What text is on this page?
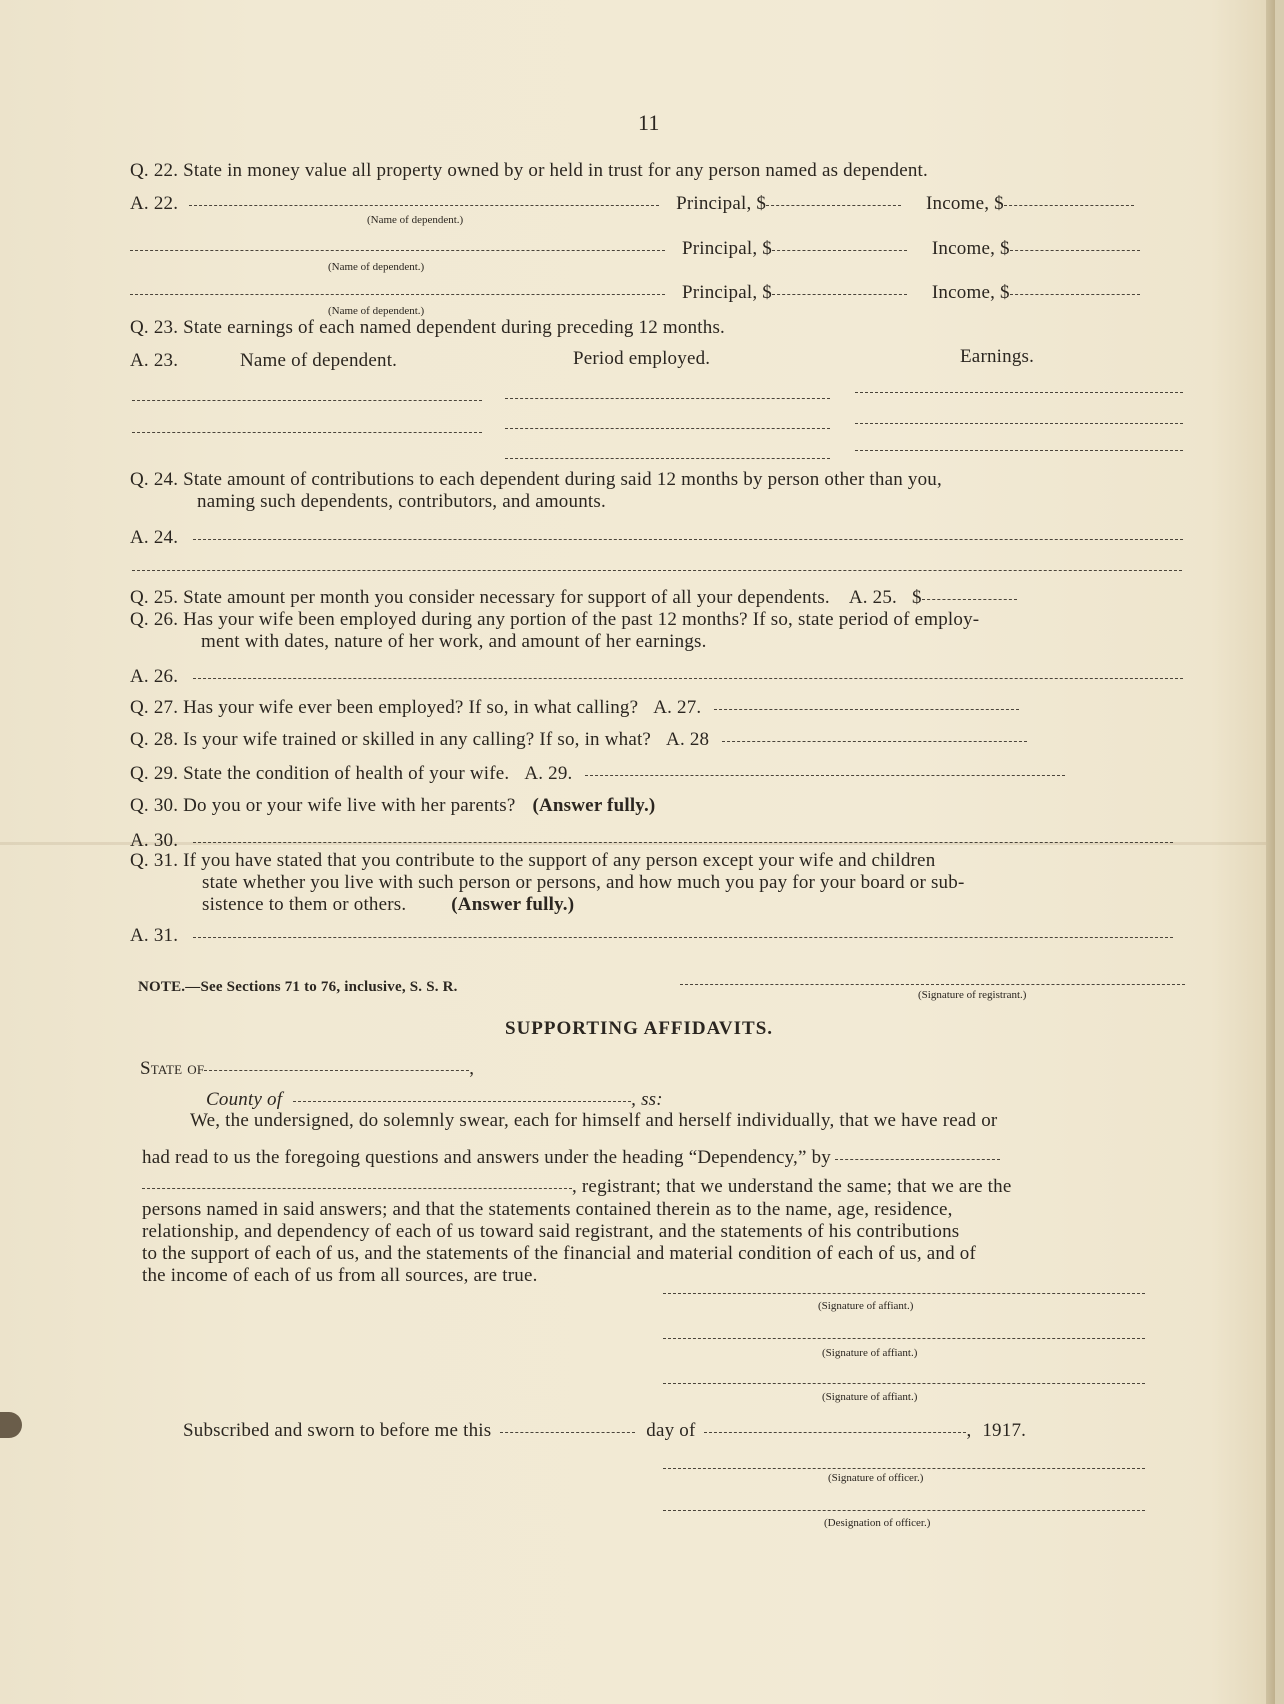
11
Q. 22. State in money value all property owned by or held in trust for any person named as dependent.
A. 22.	Principal, $	Income, $
(Name of dependent.)
Principal, $	Income, $
(Name of dependent.)
Principal, $	Income, $
(Name of dependent.)
Q. 23. State earnings of each named dependent during preceding 12 months.
A. 23.	Name of dependent.	Period employed.	Earnings.
Q. 24. State amount of contributions to each dependent during said 12 months by person other than you,
naming such dependents, contributors, and amounts.
A. 24.
Q. 25. State amount per month you consider necessary for support of all your dependents. A. 25. $
Q. 26. Has your wife been employed during any portion of the past 12 months? If so, state period of employ-
ment with dates, nature of her work, and amount of her earnings.
A. 26.
Q. 27. Has your wife ever been employed? If so, in what calling? A. 27.
Q. 28. Is your wife trained or skilled in any calling? If so, in what? A. 28
Q. 29. State the condition of health of your wife. A. 29.
Q. 30. Do you or your wife live with her parents? (Answer fully.)
A. 30.
Q. 31. If you have stated that you contribute to the support of any person except your wife and children
state whether you live with such person or persons, and how much you pay for your board or sub-
sistence to them or others. (Answer fully.)
A. 31.
NOTE.—See Sections 71 to 76, inclusive, S. S. R.	(Signature of registrant.)
SUPPORTING AFFIDAVITS.
State of	,
County of	, ss:
We, the undersigned, do solemnly swear, each for himself and herself individually, that we have read or
had read to us the foregoing questions and answers under the heading “Dependency,” by
, registrant; that we understand the same; that we are the
persons named in said answers; and that the statements contained therein as to the name, age, residence,
relationship, and dependency of each of us toward said registrant, and the statements of his contributions
to the support of each of us, and the statements of the financial and material condition of each of us, and of
the income of each of us from all sources, are true.
(Signature of affiant.)
(Signature of affiant.)
(Signature of affiant.)
Subscribed and sworn to before me this	day of	, 1917.
(Signature of officer.)
(Designation of officer.)
